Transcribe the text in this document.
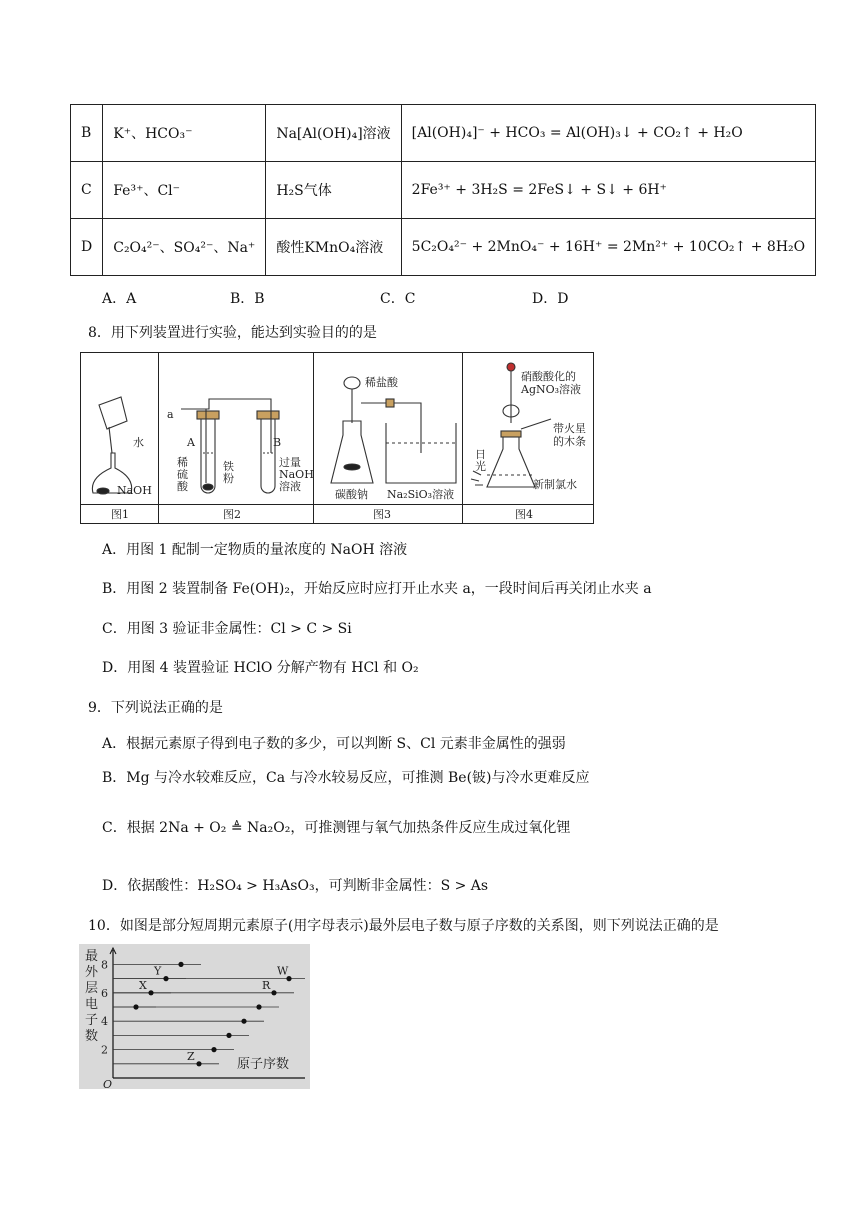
B	K⁺、HCO₃⁻	Na[Al(OH)₄]溶液	[Al(OH)₄]⁻ + HCO₃ = Al(OH)₃↓ + CO₂↑ + H₂O
C	Fe³⁺、Cl⁻	H₂S气体	2Fe³⁺ + 3H₂S = 2FeS↓ + S↓ + 6H⁺
D	C₂O₄²⁻、SO₄²⁻、Na⁺	酸性KMnO₄溶液	5C₂O₄²⁻ + 2MnO₄⁻ + 16H⁺ = 2Mn²⁺ + 10CO₂↑ + 8H₂O
A．A	B．B	C．C	D．D
8．用下列装置进行实验，能达到实验目的的是
图1	图2	图3	图4
水
NaOH
a
A	B
稀
硫
酸
铁
粉
过量
NaOH
溶液
稀盐酸
碳酸钠 Na₂SiO₃溶液
硝酸酸化的
AgNO₃溶液
带火星
的木条
日
光
新制氯水
A．用图 1 配制一定物质的量浓度的 NaOH 溶液
B．用图 2 装置制备 Fe(OH)₂，开始反应时应打开止水夹 a，一段时间后再关闭止水夹 a
C．用图 3 验证非金属性：Cl > C > Si
D．用图 4 装置验证 HClO 分解产物有 HCl 和 O₂
9．下列说法正确的是
A．根据元素原子得到电子数的多少，可以判断 S、Cl 元素非金属性的强弱
B．Mg 与冷水较难反应，Ca 与冷水较易反应，可推测 Be(铍)与冷水更难反应
C．根据 2Na + O₂ ≜ Na₂O₂，可推测锂与氧气加热条件反应生成过氧化锂
D．依据酸性：H₂SO₄ > H₃AsO₃，可判断非金属性：S > As
10．如图是部分短周期元素原子(用字母表示)最外层电子数与原子序数的关系图，则下列说法正确的是
最
外
层
电
子
数
2
4
6
8
O
Z
R
W
X
Y
原子序数
